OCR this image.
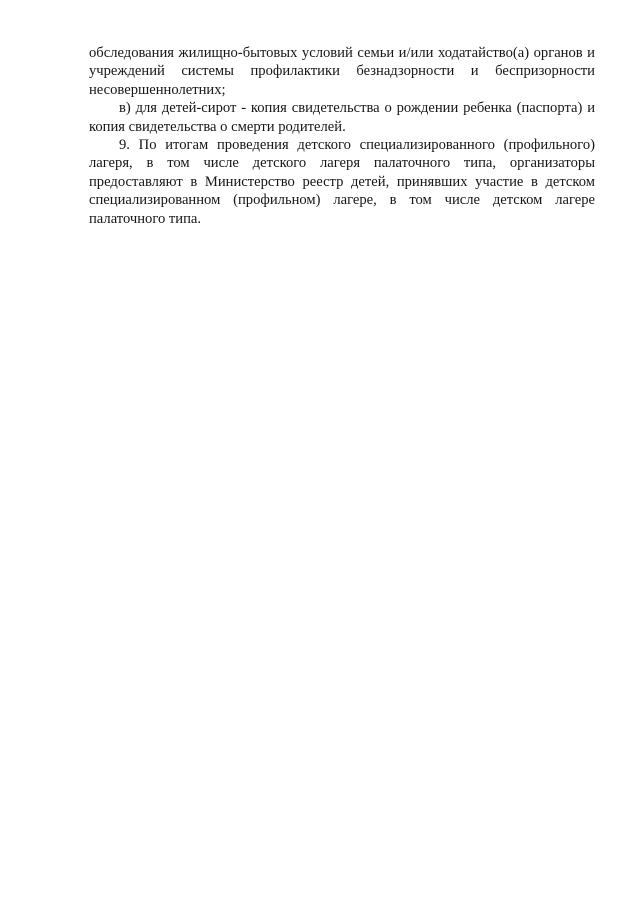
обследования жилищно-бытовых условий семьи и/или ходатайство(а) органов и учреждений системы профилактики безнадзорности и беспризорности несовершеннолетних;

в) для детей-сирот - копия свидетельства о рождении ребенка (паспорта) и копия свидетельства о смерти родителей.

9. По итогам проведения детского специализированного (профильного) лагеря, в том числе детского лагеря палаточного типа, организаторы предоставляют в Министерство реестр детей, принявших участие в детском специализированном (профильном) лагере, в том числе детском лагере палаточного типа.
